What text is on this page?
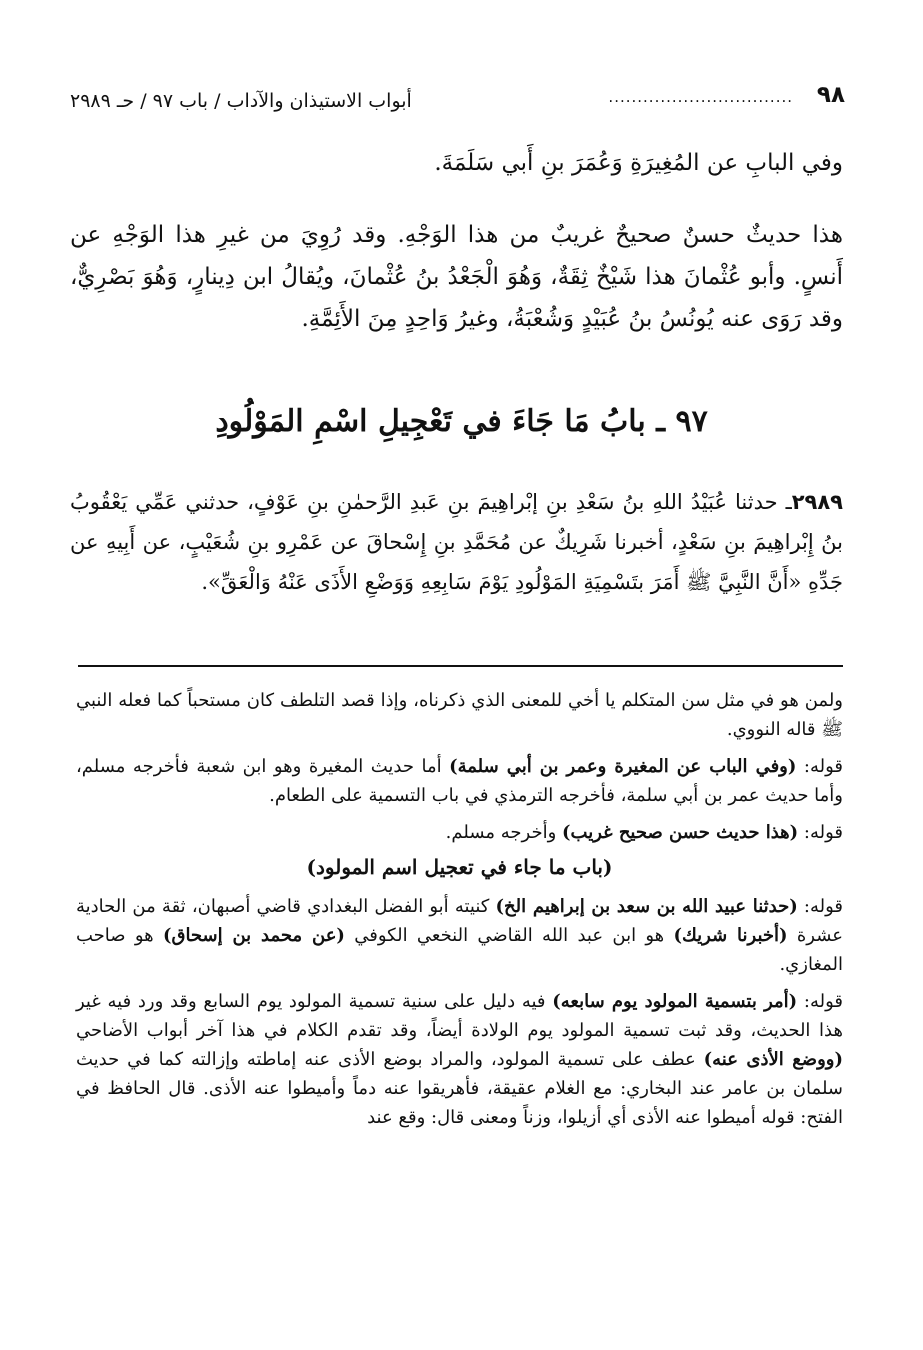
٩٨
................................
أبواب الاستيذان والآداب / باب ٩٧ / حـ ٢٩٨٩
وفي البابِ عن المُغِيرَةِ وَعُمَرَ بنِ أَبي سَلَمَةَ.
هذا حديثٌ حسنٌ صحيحٌ غريبٌ من هذا الوَجْهِ. وقد رُوِيَ من غيرِ هذا الوَجْهِ عن أَنسٍ. وأبو عُثْمانَ هذا شَيْخٌ ثِقَةٌ، وَهُوَ الْجَعْدُ بنُ عُثْمانَ، ويُقالُ ابن دِينارٍ، وَهُوَ بَصْرِيٌّ، وقد رَوَى عنه يُونُسُ بنُ عُبَيْدٍ وَشُعْبَةُ، وغيرُ وَاحِدٍ مِنَ الأَئِمَّةِ.
٩٧ ـ بابُ مَا جَاءَ في تَعْجِيلِ اسْمِ المَوْلُودِ
٢٩٨٩ـ حدثنا عُبَيْدُ اللهِ بنُ سَعْدِ بنِ إبْراهِيمَ بنِ عَبدِ الرَّحمٰنِ بنِ عَوْفٍ، حدثني عَمِّي يَعْقُوبُ بنُ إِبْراهِيمَ بنِ سَعْدٍ، أخبرنا شَرِيكٌ عن مُحَمَّدِ بنِ إِسْحاقَ عن عَمْرِو بنِ شُعَيْبٍ، عن أَبِيهِ عن جَدِّهِ «أَنَّ النَّبِيَّ ﷺ أَمَرَ بتَسْمِيَةِ المَوْلُودِ يَوْمَ سَابِعِهِ وَوَضْعِ الأَذَى عَنْهُ وَالْعَقِّ».

ولمن هو في مثل سن المتكلم يا أخي للمعنى الذي ذكرناه، وإذا قصد التلطف كان مستحباً كما فعله النبي ﷺ قاله النووي.

قوله: (وفي الباب عن المغيرة وعمر بن أبي سلمة) أما حديث المغيرة وهو ابن شعبة فأخرجه مسلم، وأما حديث عمر بن أبي سلمة، فأخرجه الترمذي في باب التسمية على الطعام.

قوله: (هذا حديث حسن صحيح غريب) وأخرجه مسلم.

(باب ما جاء في تعجيل اسم المولود)

قوله: (حدثنا عبيد الله بن سعد بن إبراهيم الخ) كنيته أبو الفضل البغدادي قاضي أصبهان، ثقة من الحادية عشرة (أخبرنا شريك) هو ابن عبد الله القاضي النخعي الكوفي (عن محمد بن إسحاق) هو صاحب المغازي.

قوله: (أمر بتسمية المولود يوم سابعه) فيه دليل على سنية تسمية المولود يوم السابع وقد ورد فيه غير هذا الحديث، وقد ثبت تسمية المولود يوم الولادة أيضاً، وقد تقدم الكلام في هذا آخر أبواب الأضاحي (ووضع الأذى عنه) عطف على تسمية المولود، والمراد بوضع الأذى عنه إماطته وإزالته كما في حديث سلمان بن عامر عند البخاري: مع الغلام عقيقة، فأهريقوا عنه دماً وأميطوا عنه الأذى. قال الحافظ في الفتح: قوله أميطوا عنه الأذى أي أزيلوا، وزناً ومعنى قال: وقع عند
